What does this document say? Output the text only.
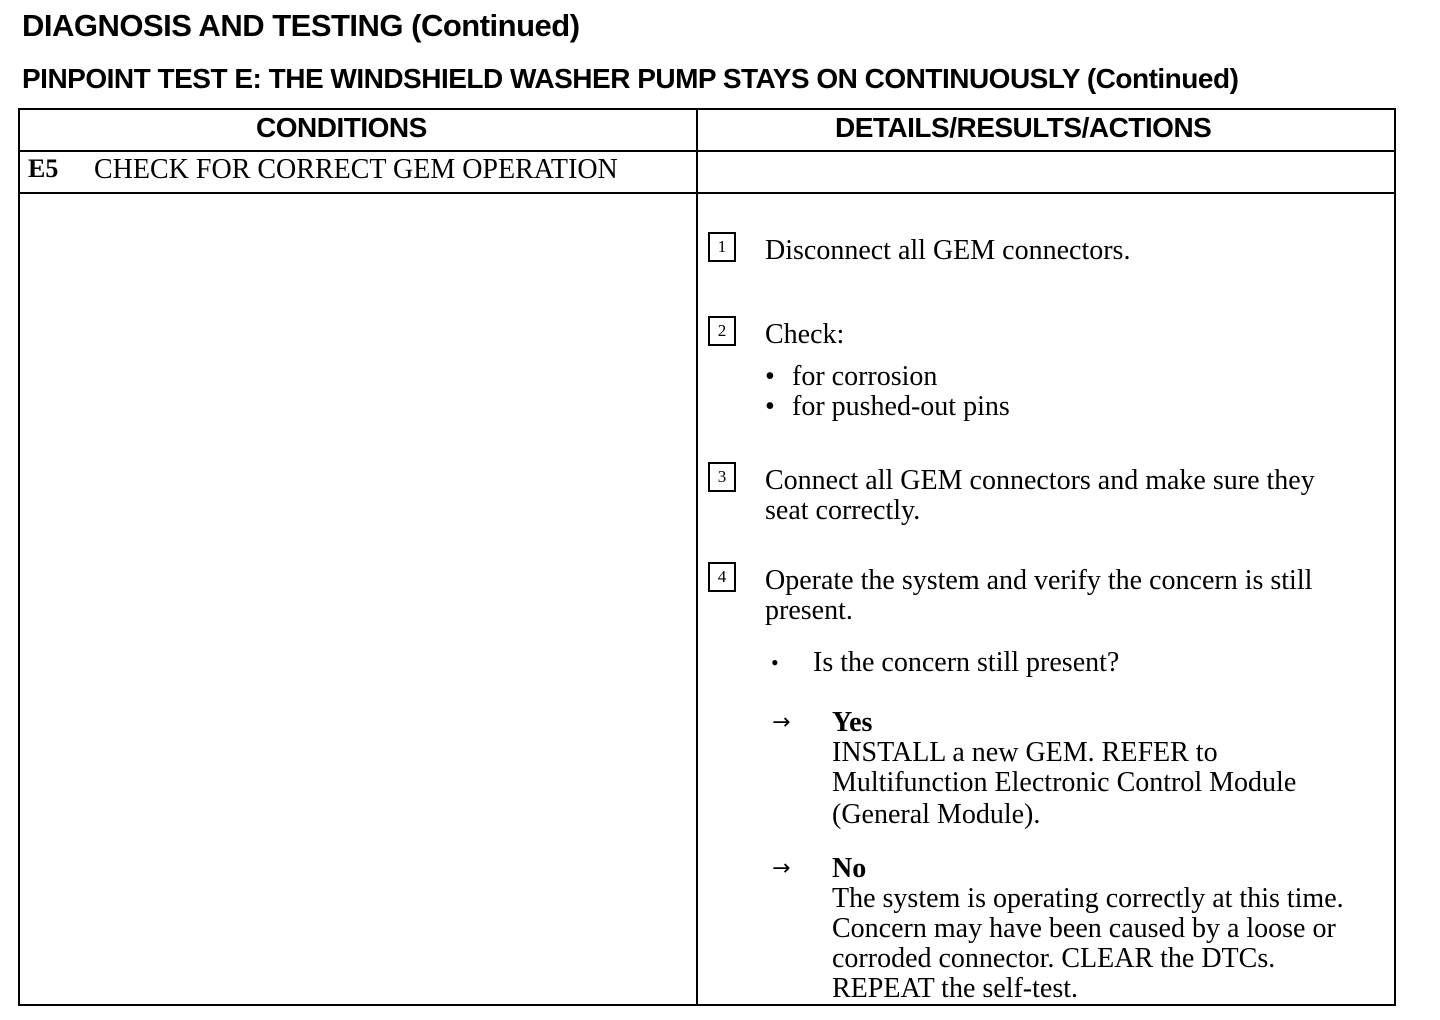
DIAGNOSIS AND TESTING (Continued)
PINPOINT TEST E: THE WINDSHIELD WASHER PUMP STAYS ON CONTINUOUSLY (Continued)
CONDITIONS	DETAILS/RESULTS/ACTIONS
E5 CHECK FOR CORRECT GEM OPERATION
1	Disconnect all GEM connectors.
2	Check:
• for corrosion
• for pushed-out pins
3	Connect all GEM connectors and make sure they
seat correctly.
4	Operate the system and verify the concern is still
present.
• Is the concern still present?
→ Yes
INSTALL a new GEM. REFER to
Multifunction Electronic Control Module
(General Module).
→ No
The system is operating correctly at this time.
Concern may have been caused by a loose or
corroded connector. CLEAR the DTCs.
REPEAT the self-test.
